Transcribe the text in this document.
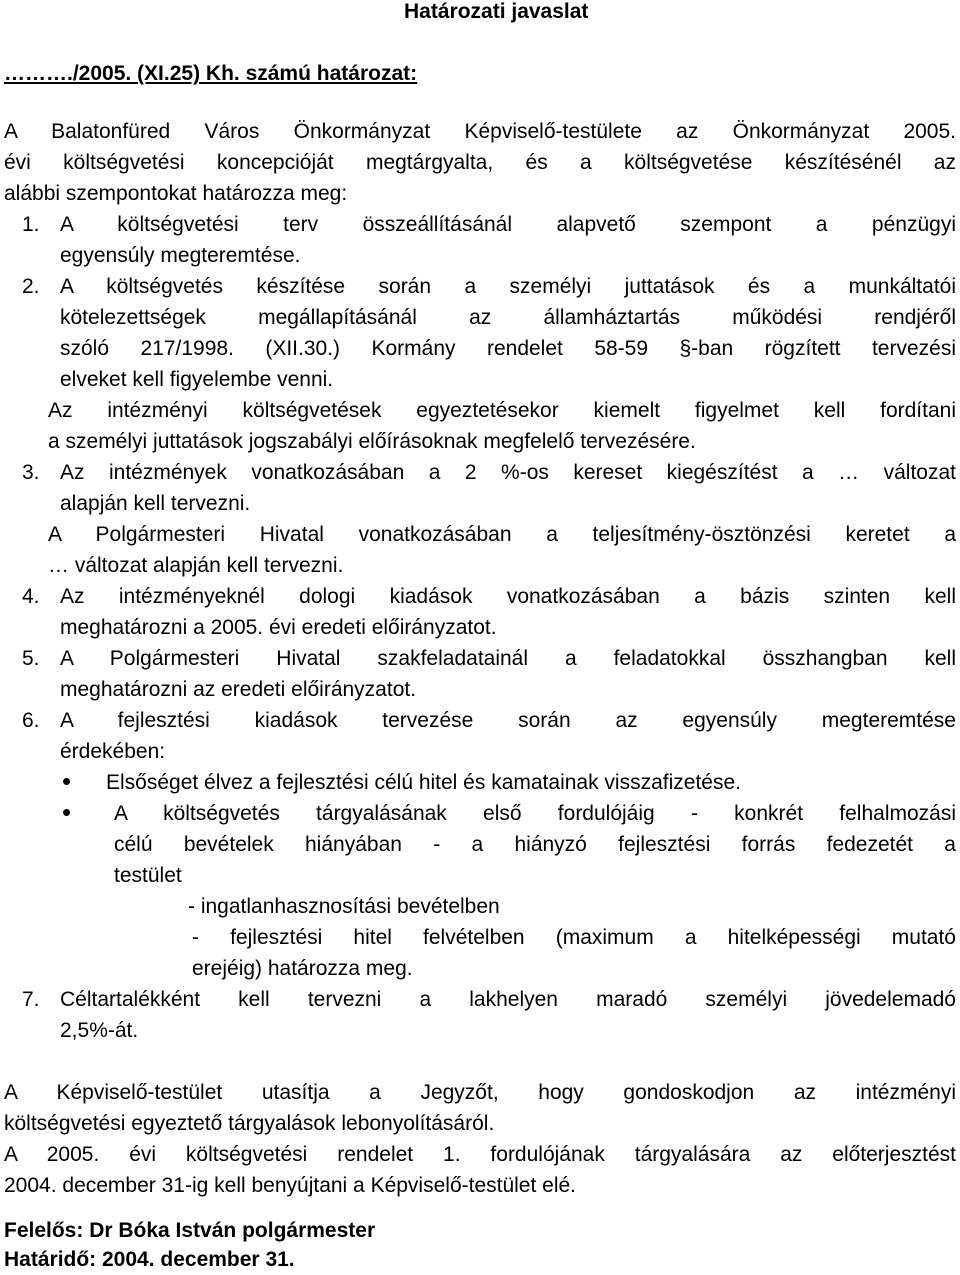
Határozati javaslat
………./2005. (XI.25) Kh. számú határozat:
A Balatonfüred Város Önkormányzat Képviselő-testülete az Önkormányzat 2005.
évi költségvetési koncepcióját megtárgyalta, és a költségvetése készítésénél az
alábbi szempontokat határozza meg:
1. A költségvetési terv összeállításánál alapvető szempont a pénzügyi
egyensúly megteremtése.
2. A költségvetés készítése során a személyi juttatások és a munkáltatói
kötelezettségek megállapításánál az államháztartás működési rendjéről
szóló 217/1998. (XII.30.) Kormány rendelet 58-59 §-ban rögzített tervezési
elveket kell figyelembe venni.
Az intézményi költségvetések egyeztetésekor kiemelt figyelmet kell fordítani
a személyi juttatások jogszabályi előírásoknak megfelelő tervezésére.
3. Az intézmények vonatkozásában a 2 %-os kereset kiegészítést a … változat
alapján kell tervezni.
A Polgármesteri Hivatal vonatkozásában a teljesítmény-ösztönzési keretet a
… változat alapján kell tervezni.
4. Az intézményeknél dologi kiadások vonatkozásában a bázis szinten kell
meghatározni a 2005. évi eredeti előirányzatot.
5. A Polgármesteri Hivatal szakfeladatainál a feladatokkal összhangban kell
meghatározni az eredeti előirányzatot.
6. A fejlesztési kiadások tervezése során az egyensúly megteremtése
érdekében:
• Elsőséget élvez a fejlesztési célú hitel és kamatainak visszafizetése.
• A költségvetés tárgyalásának első fordulójáig - konkrét felhalmozási
célú bevételek hiányában - a hiányzó fejlesztési forrás fedezetét a
testület
- ingatlanhasznosítási bevételben
- fejlesztési hitel felvételben (maximum a hitelképességi mutató
erejéig) határozza meg.
7. Céltartalékként kell tervezni a lakhelyen maradó személyi jövedelemadó
2,5%-át.
A Képviselő-testület utasítja a Jegyzőt, hogy gondoskodjon az intézményi
költségvetési egyeztető tárgyalások lebonyolításáról.
A 2005. évi költségvetési rendelet 1. fordulójának tárgyalására az előterjesztést
2004. december 31-ig kell benyújtani a Képviselő-testület elé.
Felelős: Dr Bóka István polgármester
Határidő: 2004. december 31.
